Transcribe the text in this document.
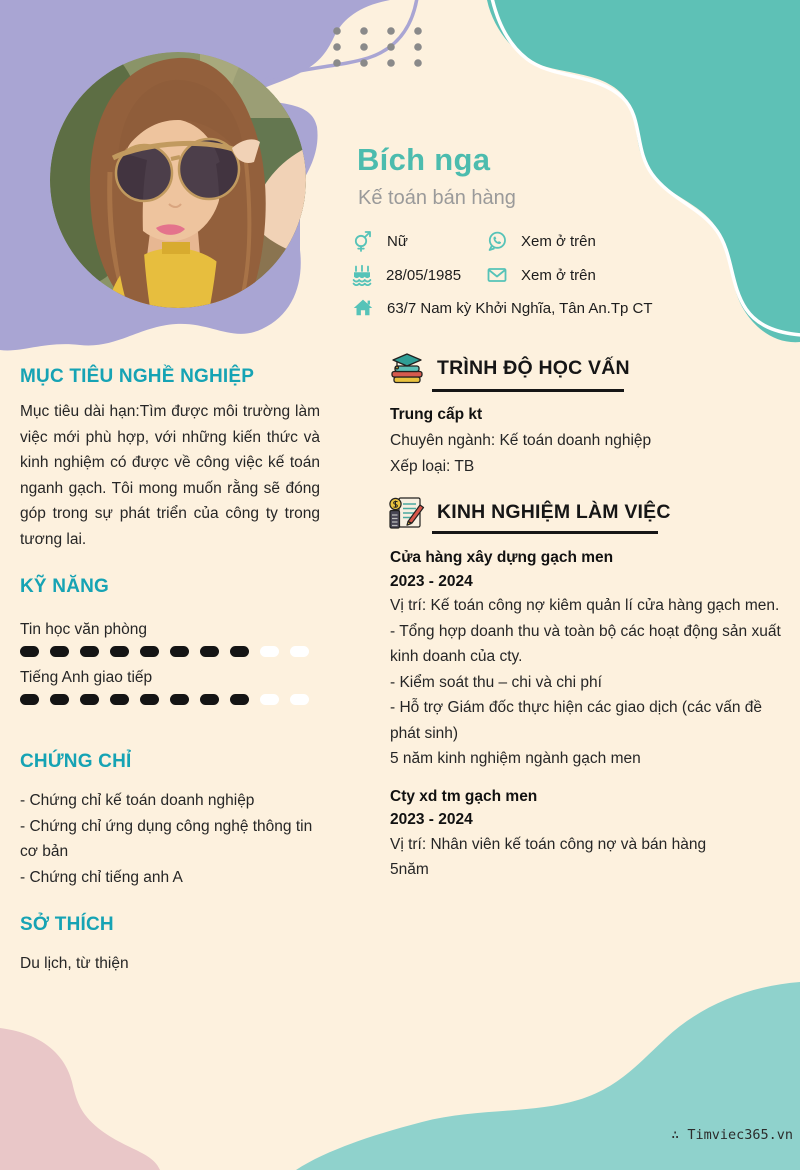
Bích nga
Kế toán bán hàng
Nữ	Xem ở trên
28/05/1985	Xem ở trên
63/7 Nam kỳ Khởi Nghĩa, Tân An.Tp CT
MỤC TIÊU NGHỀ NGHIỆP
Mục tiêu dài hạn:Tìm được môi trường làm việc mới phù hợp, với những kiến thức và kinh nghiệm có được về công việc kế toán nganh gạch. Tôi mong muốn rằng sẽ đóng góp trong sự phát triển của công ty trong tương lai.
KỸ NĂNG
Tin học văn phòng
Tiếng Anh giao tiếp
CHỨNG CHỈ
- Chứng chỉ kế toán doanh nghiệp
- Chứng chỉ ứng dụng công nghệ thông tin cơ bản
- Chứng chỉ tiếng anh A
SỞ THÍCH
Du lịch, từ thiện
TRÌNH ĐỘ HỌC VẤN
Trung cấp kt
Chuyên ngành: Kế toán doanh nghiệp
Xếp loại: TB
KINH NGHIỆM LÀM VIỆC
Cửa hàng xây dựng gạch men
2023 - 2024
Vị trí: Kế toán công nợ kiêm quản lí cửa hàng gạch men.
- Tổng hợp doanh thu và toàn bộ các hoạt động sản xuất kinh doanh của cty.
- Kiểm soát thu – chi và chi phí
- Hỗ trợ Giám đốc thực hiện các giao dịch (các vấn đề phát sinh)
5 năm kinh nghiệm ngành gạch men
Cty xd tm gạch men
2023 - 2024
Vị trí: Nhân viên kế toán công nợ và bán hàng
5năm
∴ Timviec365.vn
